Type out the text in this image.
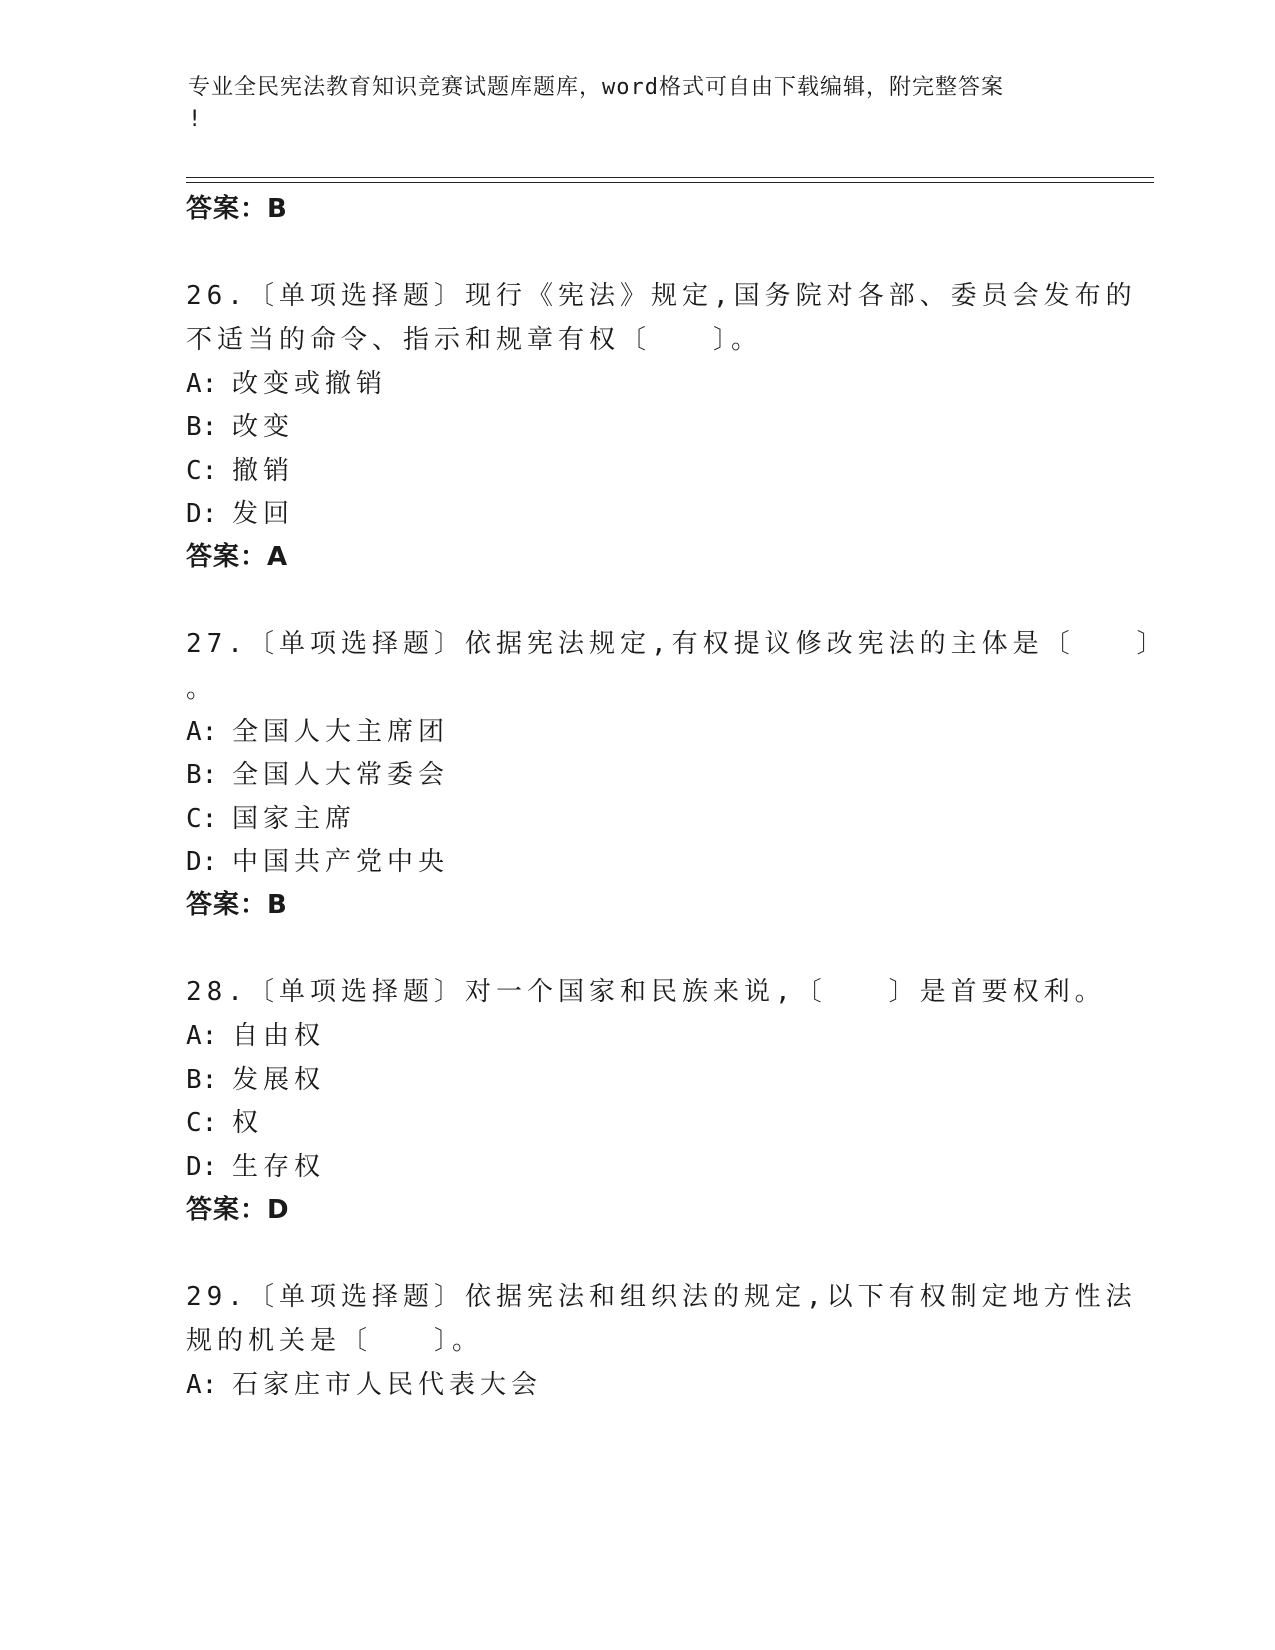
专业全民宪法教育知识竞赛试题库题库，word格式可自由下载编辑，附完整答案
!
答案：B
26.〔单项选择题〕现行《宪法》规定,国务院对各部、委员会发布的
不适当的命令、指示和规章有权〔　　〕。
A: 改变或撤销
B: 改变
C: 撤销
D: 发回
答案：A
27.〔单项选择题〕依据宪法规定,有权提议修改宪法的主体是〔　　〕
。
A: 全国人大主席团
B: 全国人大常委会
C: 国家主席
D: 中国共产党中央
答案：B
28.〔单项选择题〕对一个国家和民族来说,〔　　〕是首要权利。
A: 自由权
B: 发展权
C: 权
D: 生存权
答案：D
29.〔单项选择题〕依据宪法和组织法的规定,以下有权制定地方性法
规的机关是〔　　〕。
A: 石家庄市人民代表大会
